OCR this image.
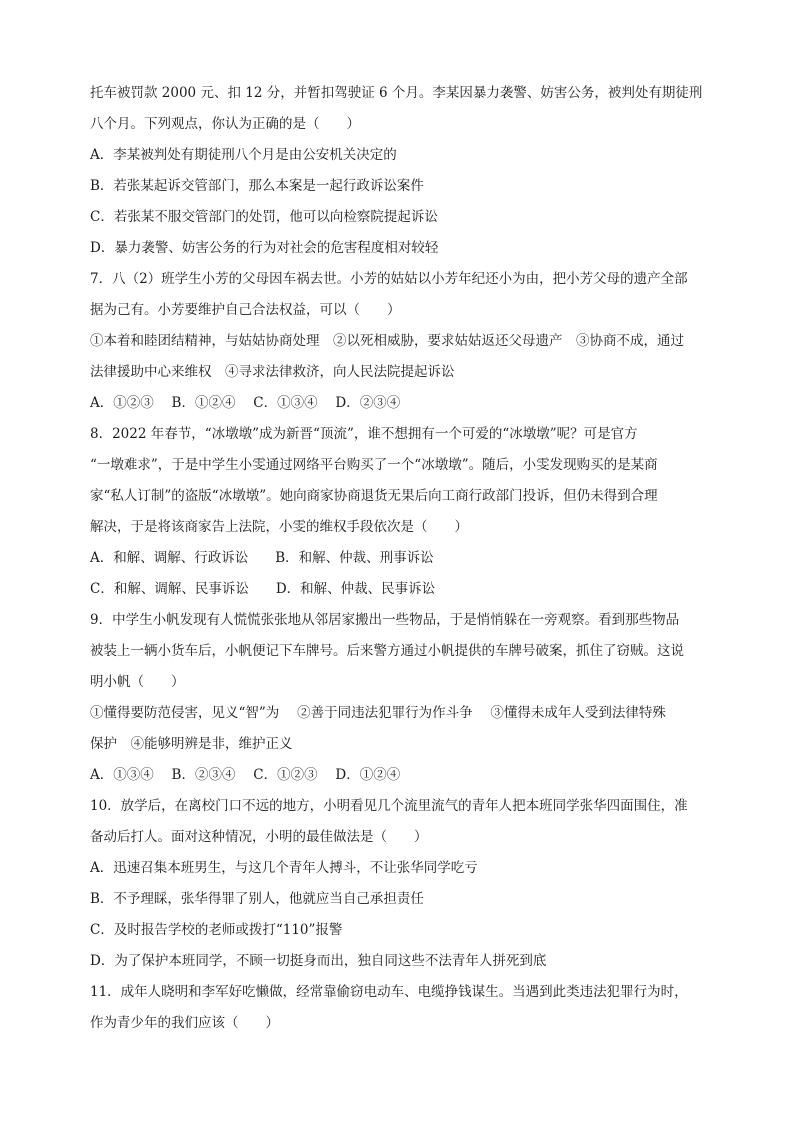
托车被罚款 2000 元、扣 12 分，并暂扣驾驶证 6 个月。李某因暴力袭警、妨害公务，被判处有期徒刑
八个月。下列观点，你认为正确的是（　　）
A．李某被判处有期徒刑八个月是由公安机关决定的
B．若张某起诉交管部门，那么本案是一起行政诉讼案件
C．若张某不服交管部门的处罚，他可以向检察院提起诉讼
D．暴力袭警、妨害公务的行为对社会的危害程度相对较轻
7．八（2）班学生小芳的父母因车祸去世。小芳的姑姑以小芳年纪还小为由，把小芳父母的遗产全部
据为己有。小芳要维护自己合法权益，可以（　　）
①本着和睦团结精神，与姑姑协商处理　②以死相威胁，要求姑姑返还父母遗产　③协商不成，通过
法律援助中心来维权　④寻求法律救济，向人民法院提起诉讼
A．①②③　 B．①②④　 C．①③④　 D．②③④
8．2022 年春节，“冰墩墩”成为新晋“顶流”，谁不想拥有一个可爱的“冰墩墩”呢？可是官方
“一墩难求”，于是中学生小雯通过网络平台购买了一个“冰墩墩”。随后，小雯发现购买的是某商
家“私人订制”的盗版“冰墩墩”。她向商家协商退货无果后向工商行政部门投诉，但仍未得到合理
解决，于是将该商家告上法院，小雯的维权手段依次是（　　）
A．和解、调解、行政诉讼　　B．和解、仲裁、刑事诉讼
C．和解、调解、民事诉讼　　D．和解、仲裁、民事诉讼
9．中学生小帆发现有人慌慌张张地从邻居家搬出一些物品，于是悄悄躲在一旁观察。看到那些物品
被装上一辆小货车后，小帆便记下车牌号。后来警方通过小帆提供的车牌号破案，抓住了窃贼。这说
明小帆（　　）
①懂得要防范侵害，见义“智”为　 ②善于同违法犯罪行为作斗争　 ③懂得未成年人受到法律特殊
保护　④能够明辨是非，维护正义
A．①③④　 B．②③④　 C．①②③　 D．①②④
10．放学后，在离校门口不远的地方，小明看见几个流里流气的青年人把本班同学张华四面围住，准
备动后打人。面对这种情况，小明的最佳做法是（　　）
A．迅速召集本班男生，与这几个青年人搏斗，不让张华同学吃亏
B．不予理睬，张华得罪了别人，他就应当自己承担责任
C．及时报告学校的老师或拨打“110”报警
D．为了保护本班同学，不顾一切挺身而出，独自同这些不法青年人拼死到底
11．成年人晓明和李军好吃懒做，经常靠偷窃电动车、电缆挣钱谋生。当遇到此类违法犯罪行为时，
作为青少年的我们应该（　　）
